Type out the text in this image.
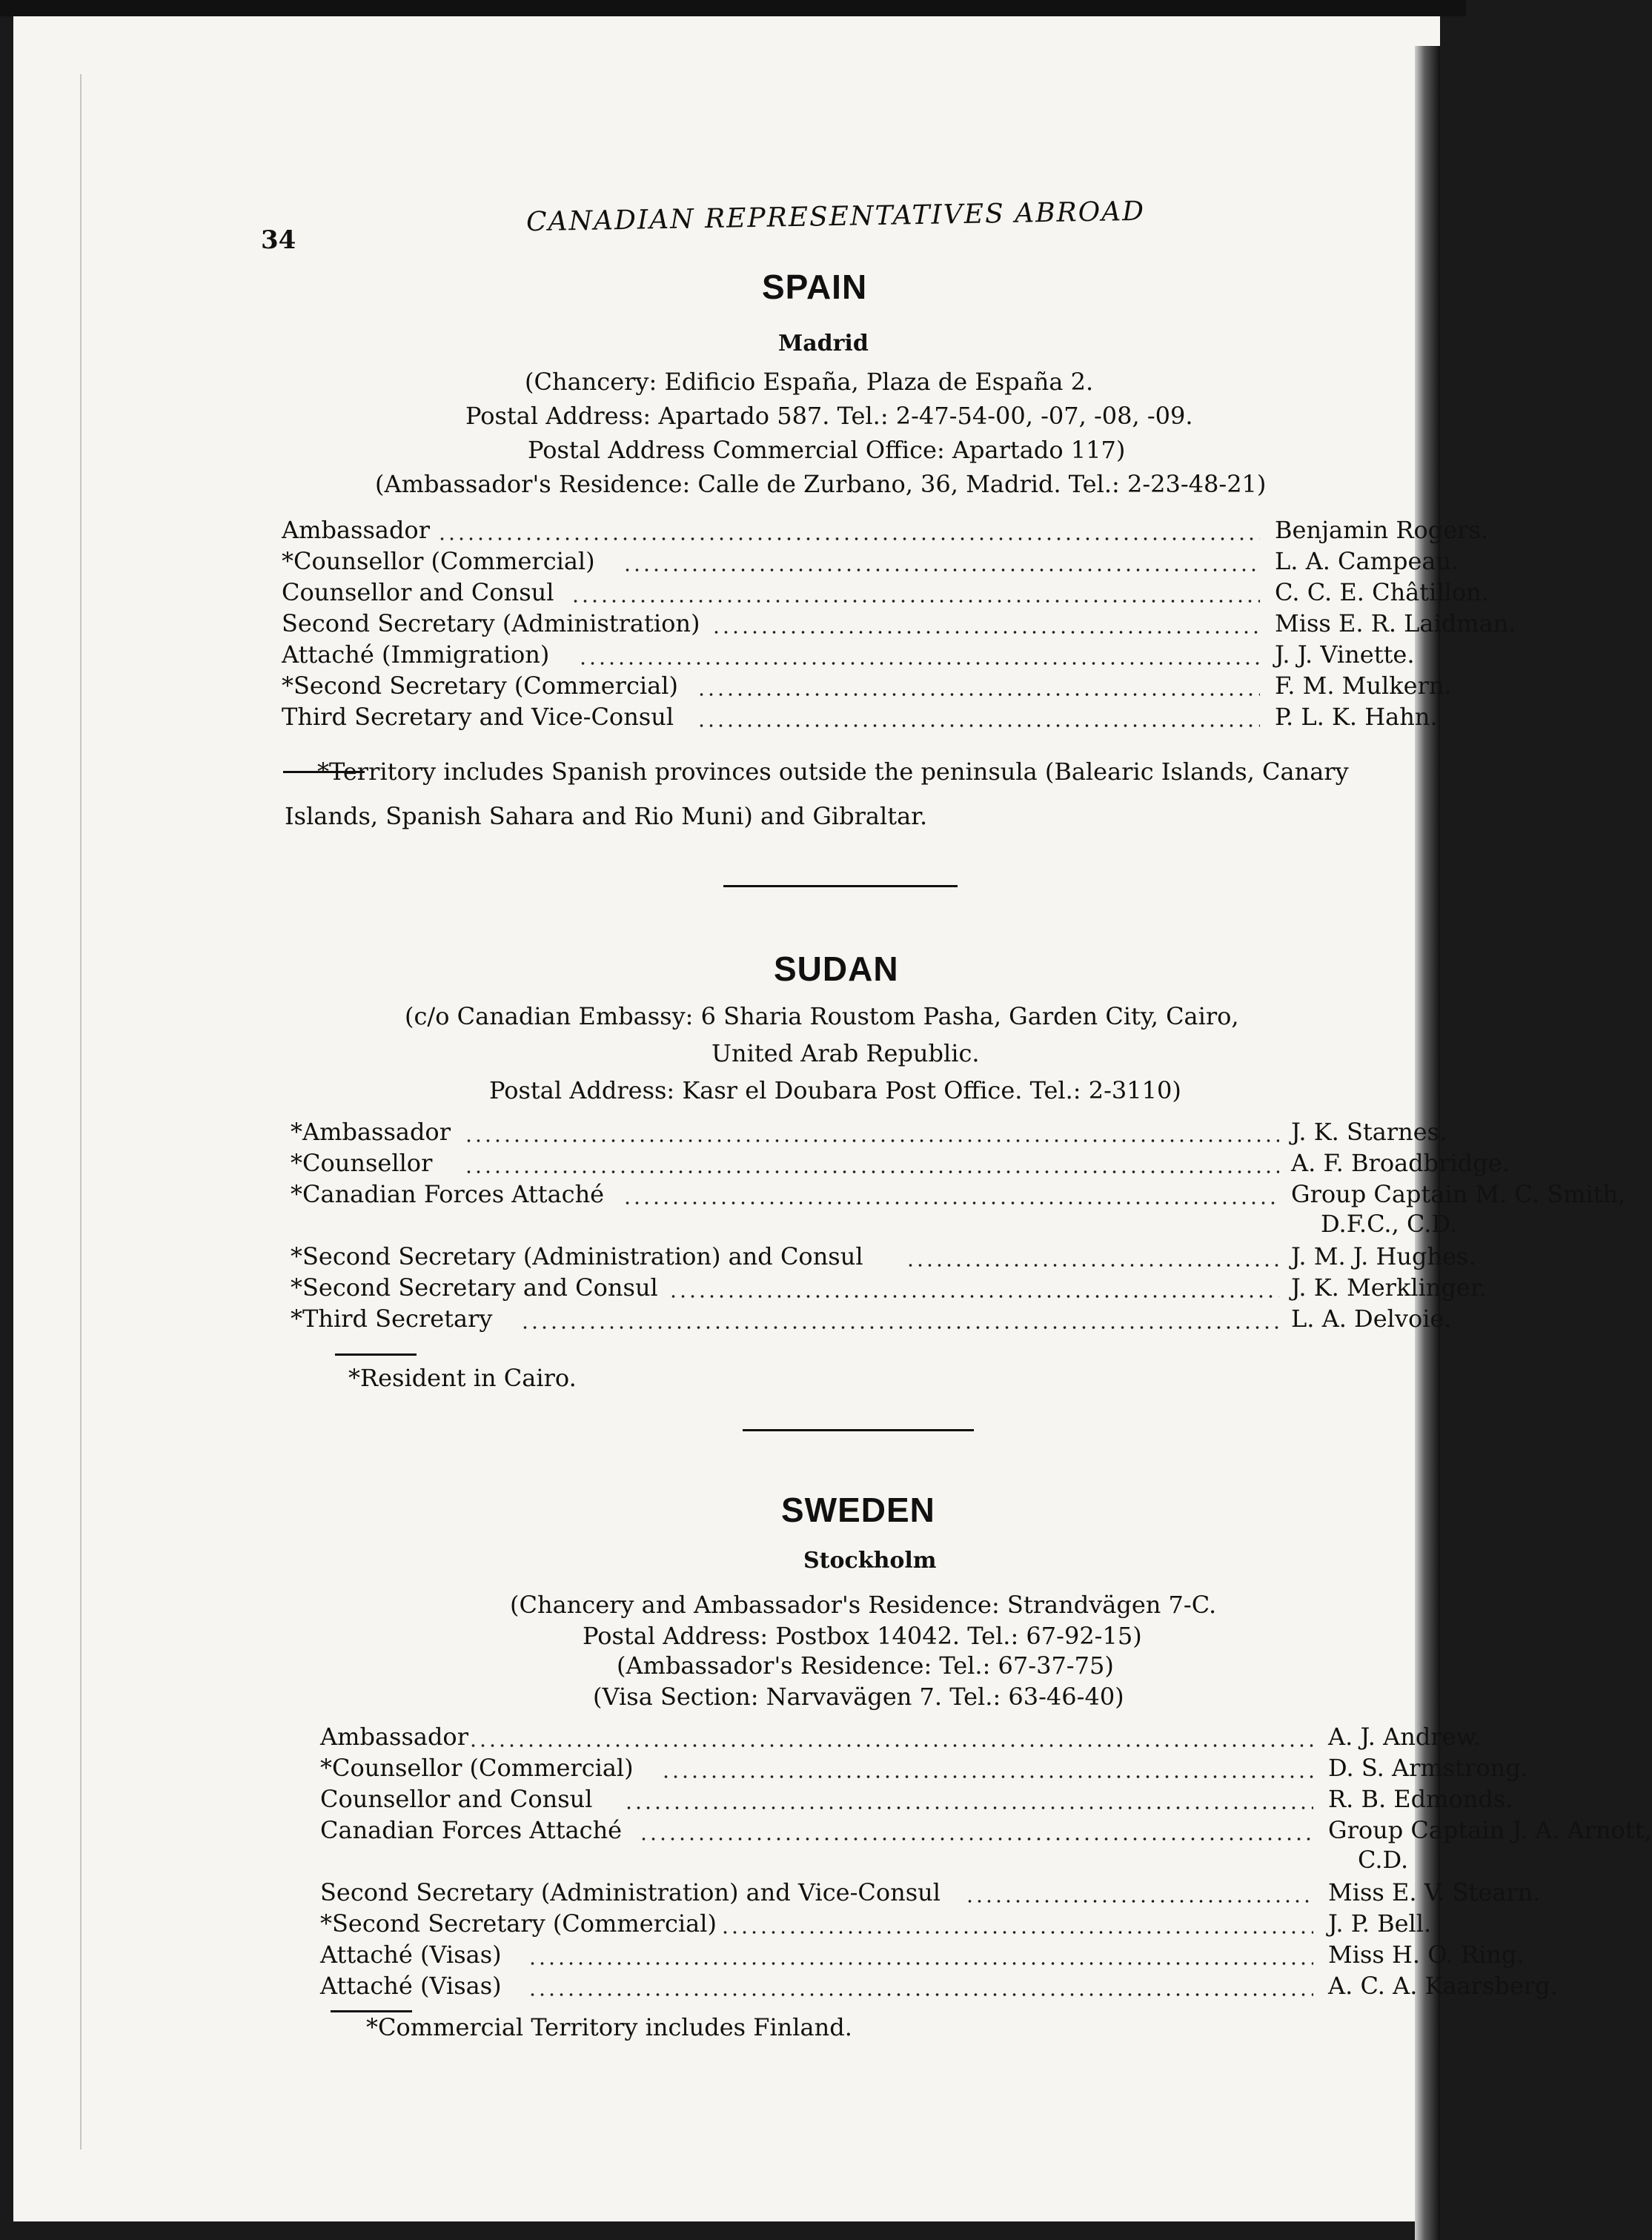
34
CANADIAN REPRESENTATIVES ABROAD
SPAIN
Madrid
(Chancery: Edificio España, Plaza de España 2.
Postal Address: Apartado 587. Tel.: 2-47-54-00, -07, -08, -09.
Postal Address Commercial Office: Apartado 117)
(Ambassador's Residence: Calle de Zurbano, 36, Madrid. Tel.: 2-23-48-21)
Ambassador	Benjamin Rogers.
*Counsellor (Commercial)	L. A. Campeau.
Counsellor and Consul	C. C. E. Châtillon.
Second Secretary (Administration)	Miss E. R. Laidman.
Attaché (Immigration)	J. J. Vinette.
*Second Secretary (Commercial)	F. M. Mulkern.
Third Secretary and Vice-Consul	P. L. K. Hahn.
*Territory includes Spanish provinces outside the peninsula (Balearic Islands, Canary
Islands, Spanish Sahara and Rio Muni) and Gibraltar.
SUDAN
(c/o Canadian Embassy: 6 Sharia Roustom Pasha, Garden City, Cairo,
United Arab Republic.
Postal Address: Kasr el Doubara Post Office. Tel.: 2-3110)
*Ambassador	J. K. Starnes.
*Counsellor	A. F. Broadbridge.
*Canadian Forces Attaché	Group Captain M. C. Smith,
D.F.C., C.D.
*Second Secretary (Administration) and Consul	J. M. J. Hughes.
*Second Secretary and Consul	J. K. Merklinger.
*Third Secretary	L. A. Delvoie.
*Resident in Cairo.
SWEDEN
Stockholm
(Chancery and Ambassador's Residence: Strandvägen 7-C.
Postal Address: Postbox 14042. Tel.: 67-92-15)
(Ambassador's Residence: Tel.: 67-37-75)
(Visa Section: Narvavägen 7. Tel.: 63-46-40)
Ambassador	A. J. Andrew.
*Counsellor (Commercial)	D. S. Armstrong.
Counsellor and Consul	R. B. Edmonds.
Canadian Forces Attaché	Group Captain J. A. Arnott,
C.D.
Second Secretary (Administration) and Vice-Consul	Miss E. V. Stearn.
*Second Secretary (Commercial)	J. P. Bell.
Attaché (Visas)	Miss H. O. Ring.
Attaché (Visas)	A. C. A. Kaarsberg.
*Commercial Territory includes Finland.
